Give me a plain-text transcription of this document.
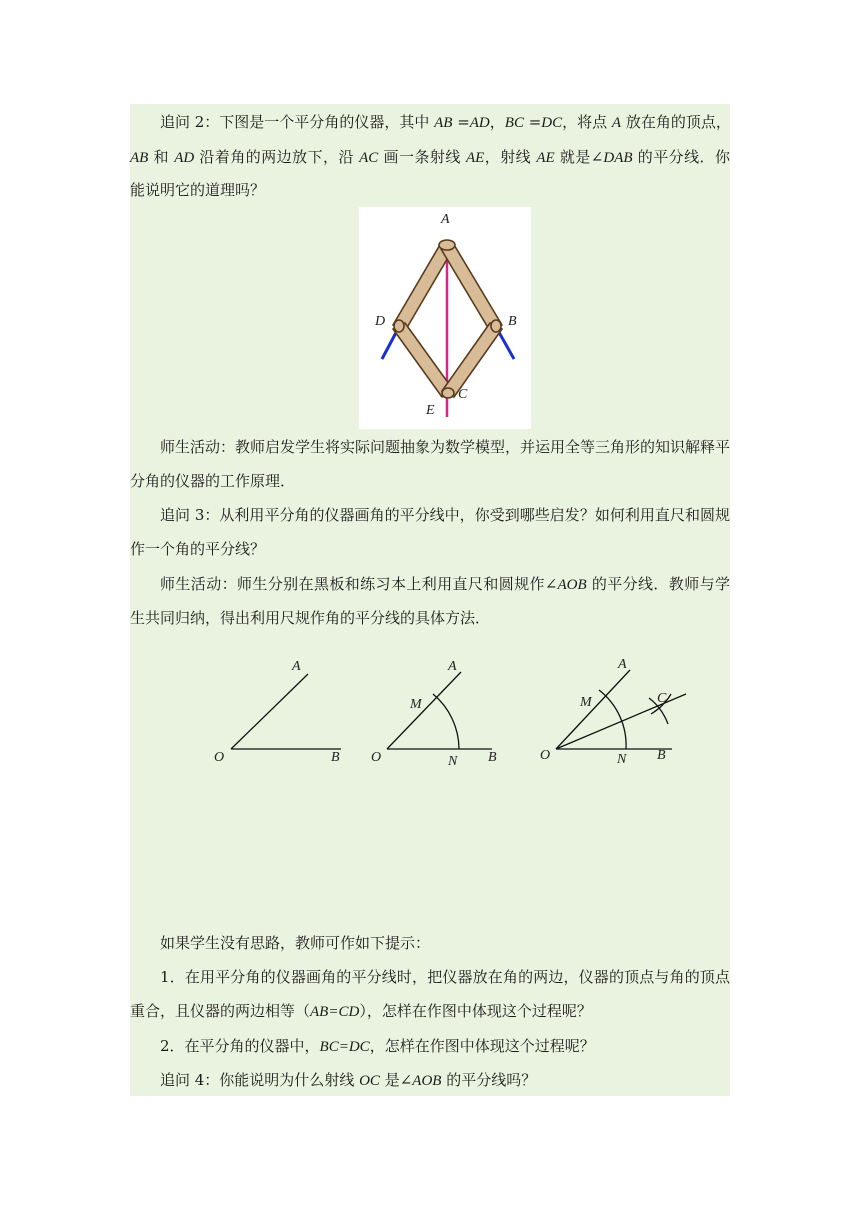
追问 2：下图是一个平分角的仪器，其中 AB =AD，BC =DC，将点 A 放在角的顶点，
AB 和 AD 沿着角的两边放下，沿 AC 画一条射线 AE，射线 AE 就是∠DAB 的平分线．你
能说明它的道理吗？
A
D	B
C
E
师生活动：教师启发学生将实际问题抽象为数学模型，并运用全等三角形的知识解释平
分角的仪器的工作原理．
追问 3：从利用平分角的仪器画角的平分线中，你受到哪些启发？如何利用直尺和圆规
作一个角的平分线？
师生活动：师生分别在黑板和练习本上利用直尺和圆规作∠AOB 的平分线．教师与学
生共同归纳，得出利用尺规作角的平分线的具体方法．
A
O	B
A
M
O	N B
A
M	C
O	N B
如果学生没有思路，教师可作如下提示：
1．在用平分角的仪器画角的平分线时，把仪器放在角的两边，仪器的顶点与角的顶点
重合，且仪器的两边相等（AB=CD），怎样在作图中体现这个过程呢？
2．在平分角的仪器中，BC=DC，怎样在作图中体现这个过程呢？
追问 4：你能说明为什么射线 OC 是∠AOB 的平分线吗？
